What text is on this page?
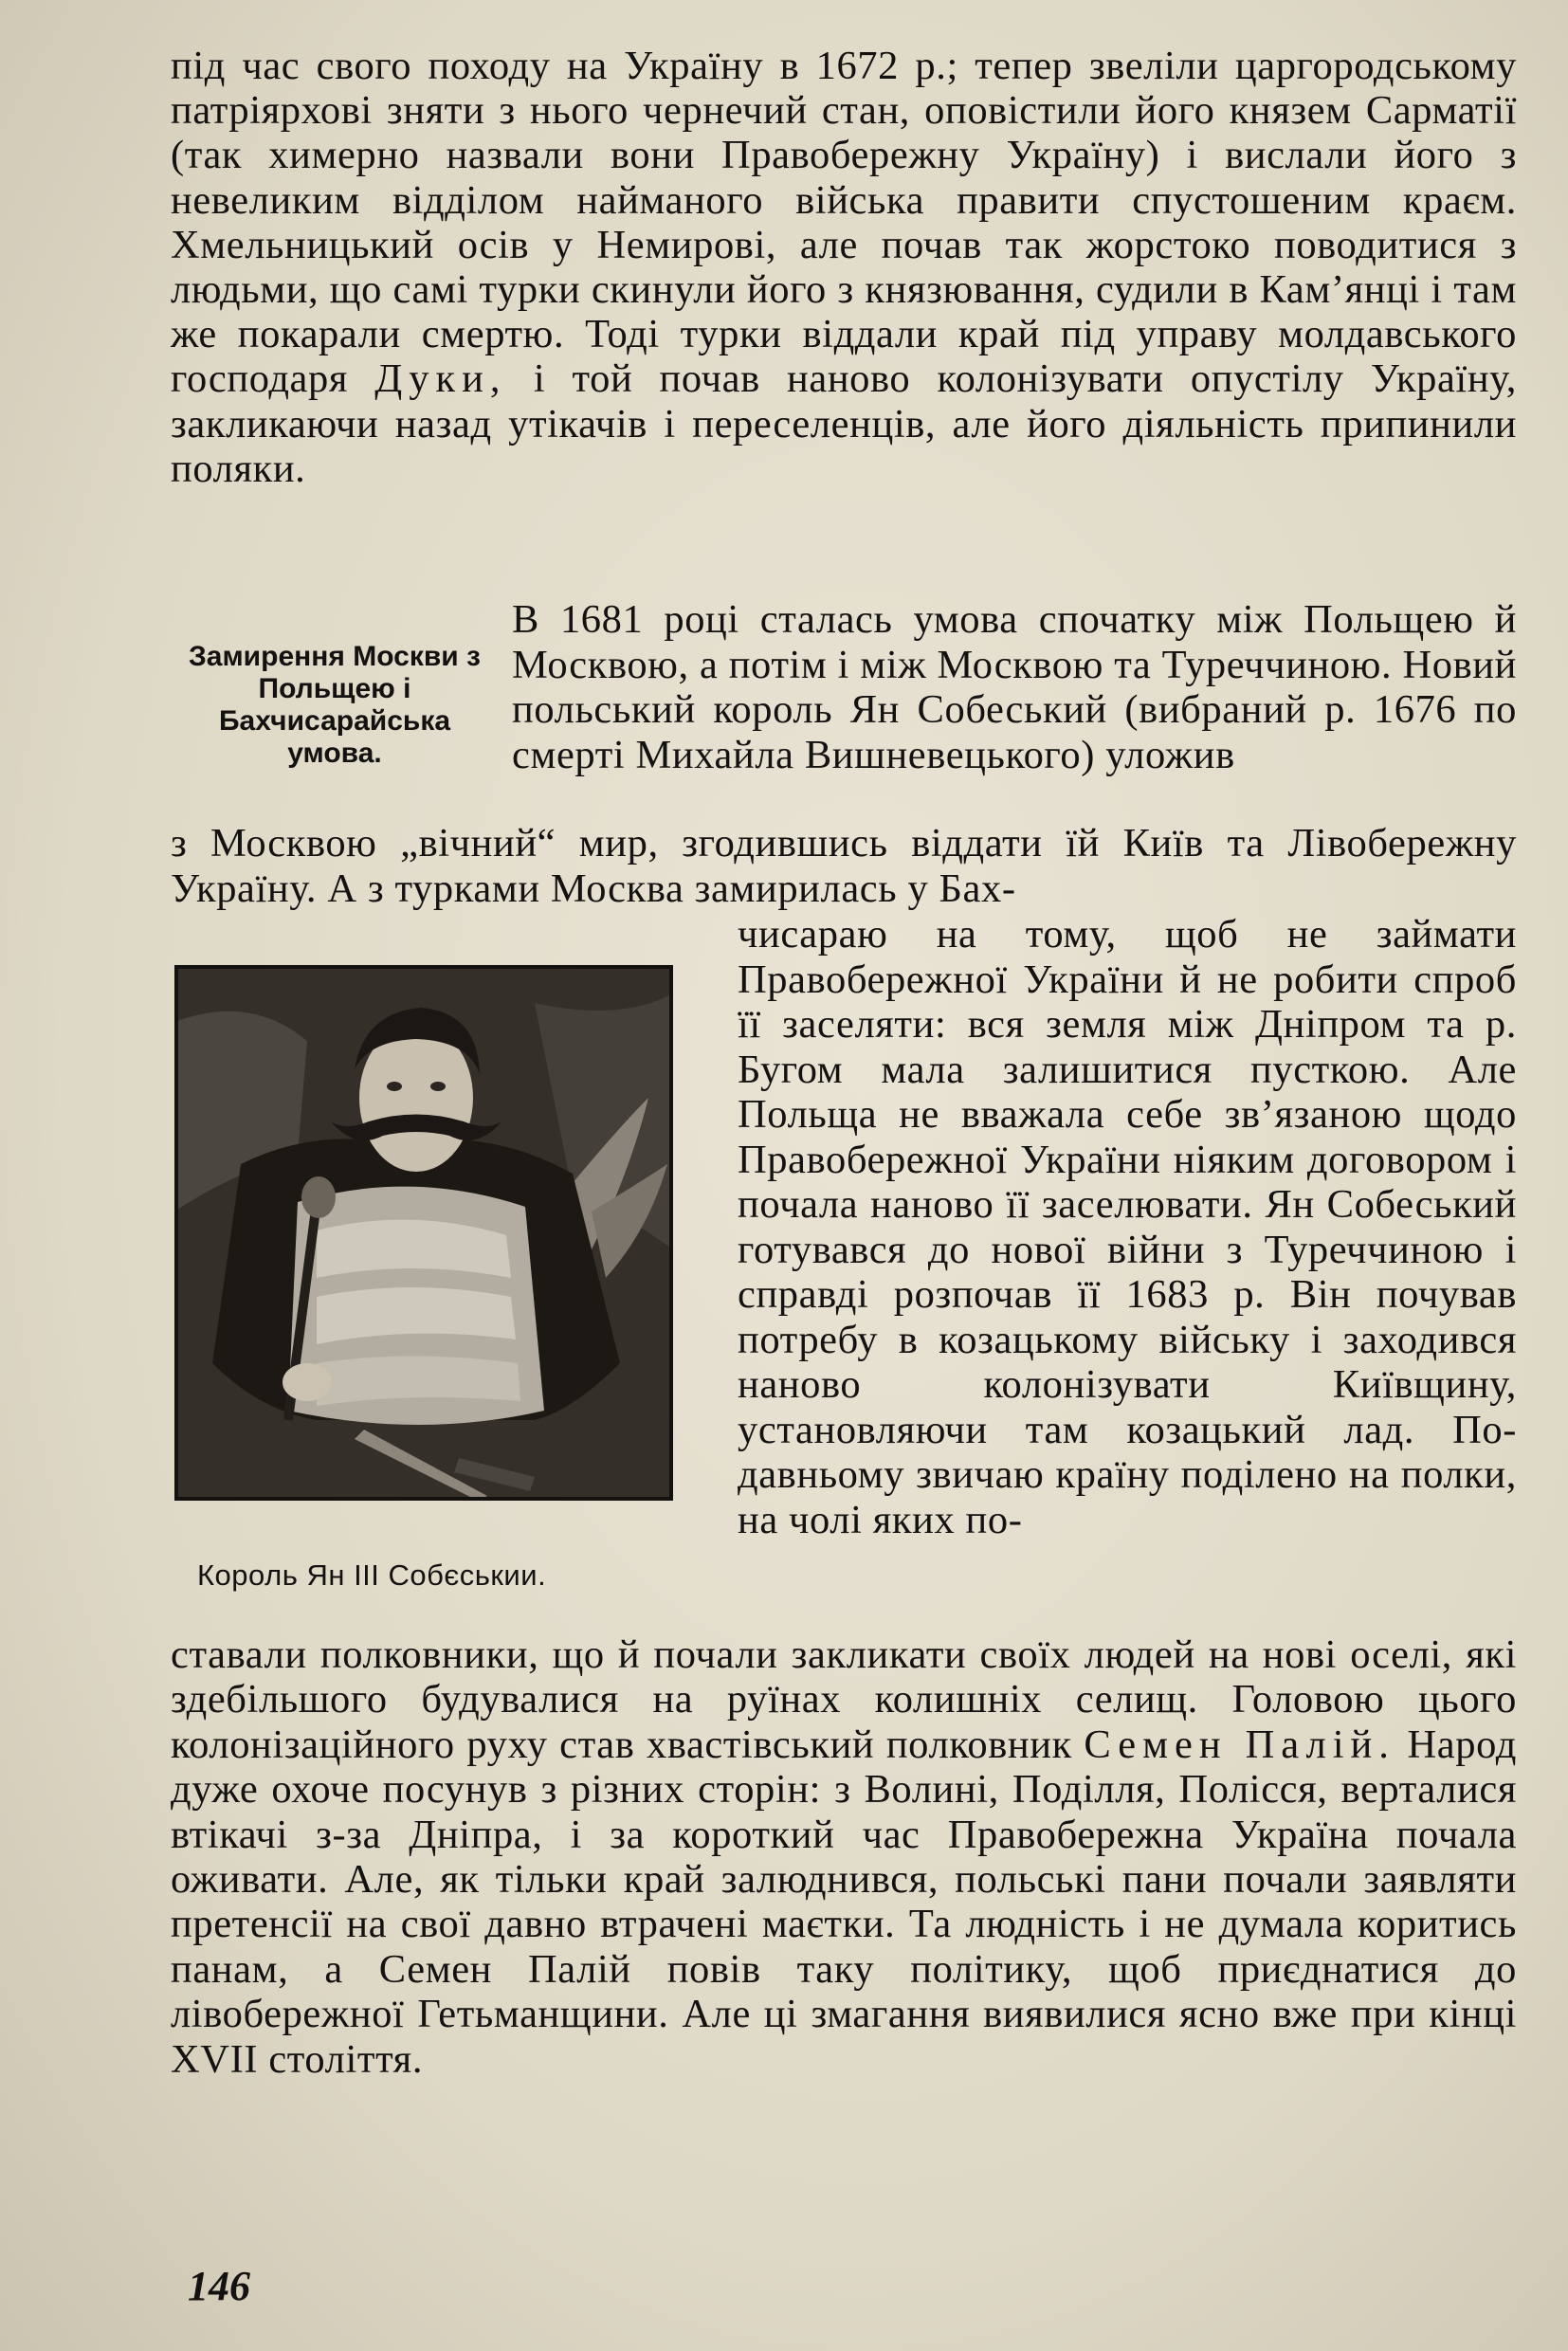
під час свого походу на Україну в 1672 р.; тепер звеліли царгородському патріярхові зняти з нього чернечий стан, оповістили його князем Сарматії (так химерно назвали вони Правобережну Україну) і вислали його з невеликим відділом найманого війська правити спустошеним краєм. Хмельницький осів у Немирові, але почав так жорстоко поводитися з людьми, що самі турки скинули його з князювання, судили в Кам’янці і там же покарали смертю. Тоді турки віддали край під управу молдавського господаря Дуки, і той почав наново колонізувати опустілу Україну, закликаючи назад утікачів і переселенців, але його діяльність припинили поляки.

Замирення Москви з Польщею і Бахчисарайська умова.

В 1681 році сталась умова спочатку між Польщею й Москвою, а потім і між Москвою та Туреччиною. Новий польський король Ян Собеський (вибраний р. 1676 по смерті Михайла Вишневецького) уложив

з Москвою „вічний“ мир, згодившись віддати їй Київ та Лівобережну Україну. А з турками Москва замирилась у Бах-

Король Ян III Собєськии.

чисараю на тому, щоб не займати Правобережної України й не робити спроб її заселяти: вся земля між Дніпром та р. Бугом мала залишитися пусткою. Але Польща не вважала себе зв’язаною щодо Правобережної України ніяким договором і почала наново її заселювати. Ян Собеський готувався до нової війни з Туреччиною і справді розпочав її 1683 р. Він почував потребу в козацькому війську і заходився наново колонізувати Київщину, установляючи там козацький лад. По-давньому звичаю країну поділено на полки, на чолі яких по-

ставали полковники, що й почали закликати своїх людей на нові оселі, які здебільшого будувалися на руїнах колишніх селищ. Головою цього колонізаційного руху став хвастівський полковник Семен Палій. Народ дуже охоче посунув з різних сторін: з Волині, Поділля, Полісся, верталися втікачі з-за Дніпра, і за короткий час Правобережна Україна почала оживати. Але, як тільки край залюднився, польські пани почали заявляти претенсії на свої давно втрачені маєтки. Та людність і не думала коритись панам, а Семен Палій повів таку політику, щоб приєднатися до лівобережної Гетьманщини. Але ці змагання виявилися ясно вже при кінці XVII століття.

146
